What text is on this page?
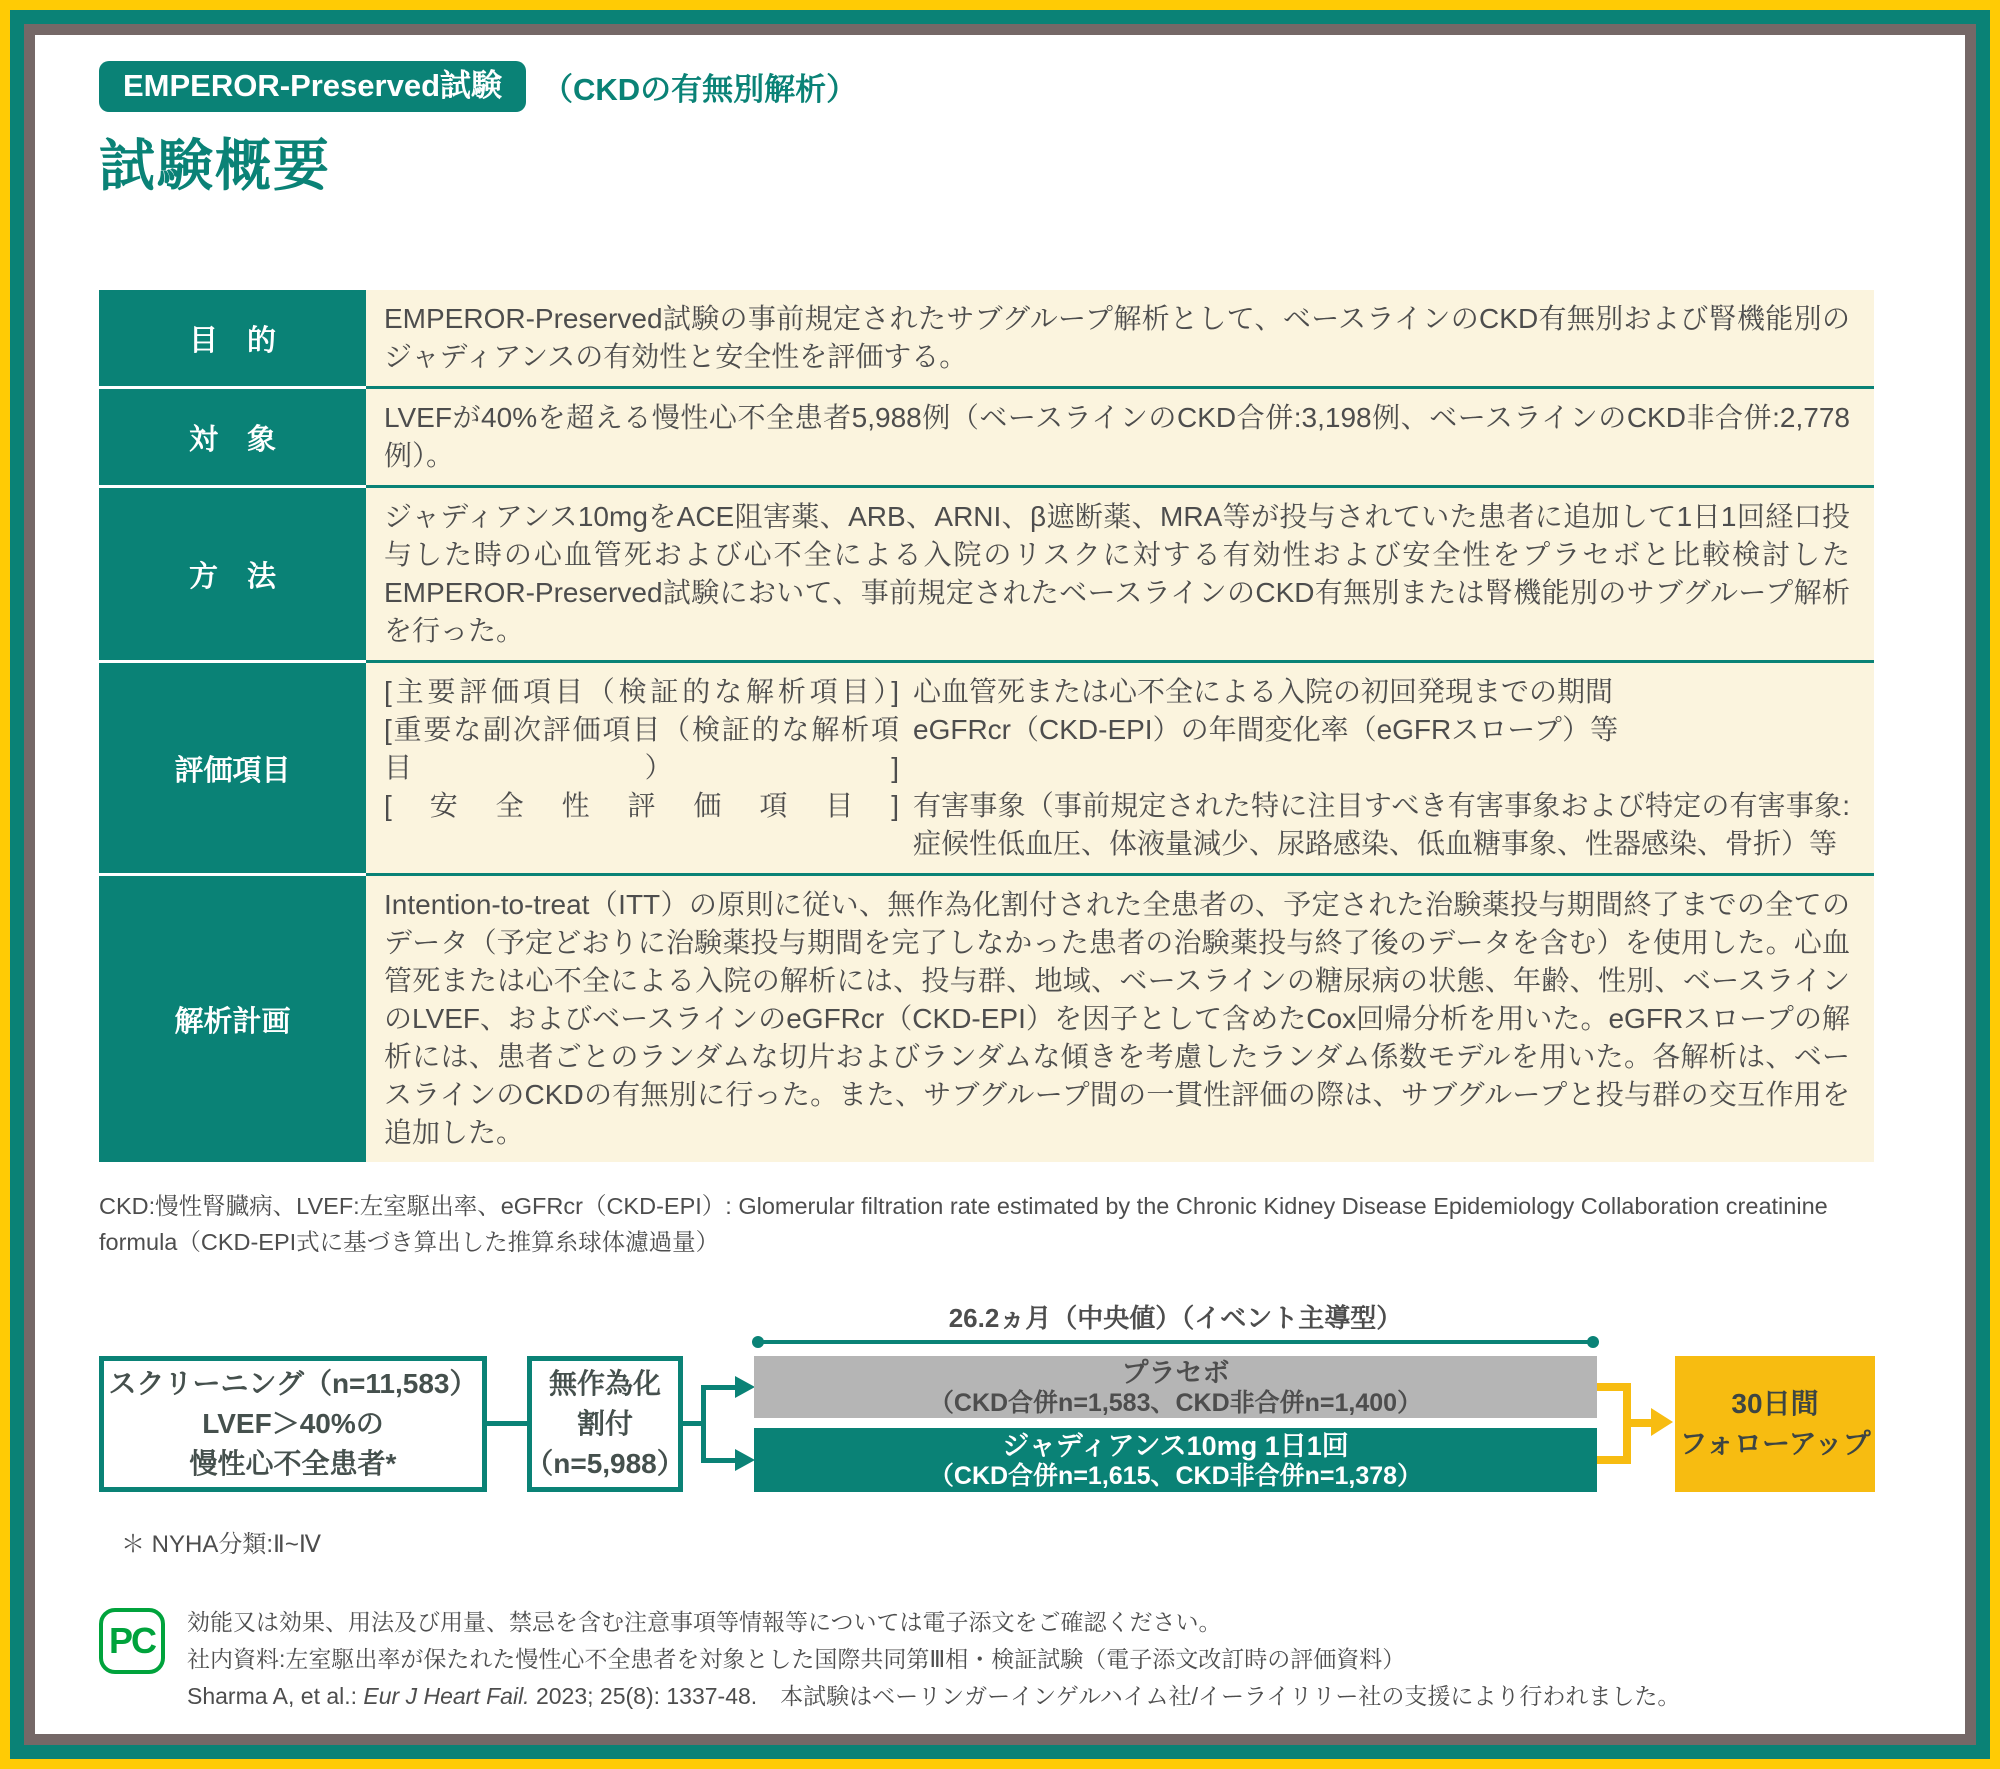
EMPEROR-Preserved試験	（CKDの有無別解析）
試験概要
目　的
EMPEROR-Preserved試験の事前規定されたサブグループ解析として、ベースラインのCKD有無別および腎機能別のジャディアンスの有効性と安全性を評価する。
対　象
LVEFが40%を超える慢性心不全患者5,988例（ベースラインのCKD合併:3,198例、ベースラインのCKD非合併:2,778例）。
方　法
ジャディアンス10mgをACE阻害薬、ARB、ARNI、β遮断薬、MRA等が投与されていた患者に追加して1日1回経口投与した時の心血管死および心不全による入院のリスクに対する有効性および安全性をプラセボと比較検討したEMPEROR-Preserved試験において、事前規定されたベースラインのCKD有無別または腎機能別のサブグループ解析を行った。
評価項目
[主要評価項目（検証的な解析項目）] 心血管死または心不全による入院の初回発現までの期間
[重要な副次評価項目（検証的な解析項目）]
eGFRcr（CKD-EPI）の年間変化率（eGFRスロープ）等
[安全性評価項目] 有害事象（事前規定された特に注目すべき有害事象および特定の有害事象:症候性低血圧、体液量減少、尿路感染、低血糖事象、性器感染、骨折）等
解析計画
Intention-to-treat（ITT）の原則に従い、無作為化割付された全患者の、予定された治験薬投与期間終了までの全てのデータ（予定どおりに治験薬投与期間を完了しなかった患者の治験薬投与終了後のデータを含む）を使用した。心血管死または心不全による入院の解析には、投与群、地域、ベースラインの糖尿病の状態、年齢、性別、ベースラインのLVEF、およびベースラインのeGFRcr（CKD-EPI）を因子として含めたCox回帰分析を用いた。eGFRスロープの解析には、患者ごとのランダムな切片およびランダムな傾きを考慮したランダム係数モデルを用いた。各解析は、ベースラインのCKDの有無別に行った。また、サブグループ間の一貫性評価の際は、サブグループと投与群の交互作用を追加した。

CKD:慢性腎臓病、LVEF:左室駆出率、eGFRcr（CKD-EPI）: Glomerular filtration rate estimated by the Chronic Kidney Disease Epidemiology Collaboration creatinine formula（CKD-EPI式に基づき算出した推算糸球体濾過量）

26.2ヵ月（中央値）（イベント主導型）
スクリーニング（n=11,583）
LVEF＞40%の
慢性心不全患者*
無作為化
割付
（n=5,988）
プラセボ
（CKD合併n=1,583、CKD非合併n=1,400）
ジャディアンス10mg 1日1回
（CKD合併n=1,615、CKD非合併n=1,378）
30日間
フォローアップ
＊ NYHA分類:Ⅱ~Ⅳ
PC 効能又は効果、用法及び用量、禁忌を含む注意事項等情報等については電子添文をご確認ください。
社内資料:左室駆出率が保たれた慢性心不全患者を対象とした国際共同第Ⅲ相・検証試験（電子添文改訂時の評価資料）
Sharma A, et al.: Eur J Heart Fail. 2023; 25(8): 1337-48.　本試験はベーリンガーインゲルハイム社/イーライリリー社の支援により行われました。
